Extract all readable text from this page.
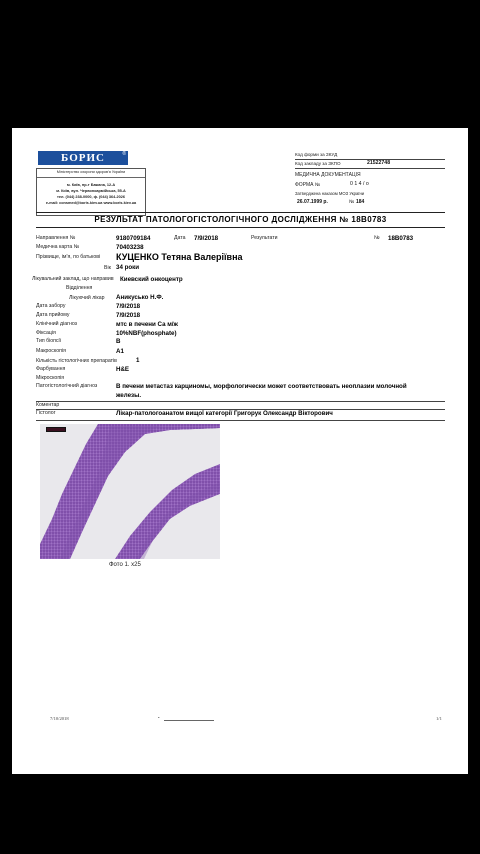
БОРИС	®
Міністерство охорони здоров'я України
м. Київ, пр-т Бажана, 12-А
м. Київ, вул. Червоноармійська, 55-А
тел. (044) 238-0000, ф. (044) 364-2026
e-mail: consmed@boris.kiev.ua www.boris.kiev.ua
Код форми за ЗКУД
Код закладу за ЗКПО	21522748
МЕДИЧНА ДОКУМЕНТАЦІЯ
ФОРМА №	0 1 4 / о
Затверджена наказом МОЗ України
26.07.1999 р.	№ 184
РЕЗУЛЬТАТ ПАТОЛОГОГІСТОЛОГІЧНОГО ДОСЛІДЖЕННЯ № 18В0783
Направлення №	9180709184	Дата 7/9/2018	Результати	№ 18В0783
Медична карта №	70403238
Прізвище, ім'я, по батькові КУЦЕНКО Тетяна Валеріївна
Вік 34 роки
Лікувальний заклад, що направив Киевский онкоцентр
Відділення
Лікуючий лікар Аникусько Н.Ф.
Дата забору	7/9/2018
Дата прийому	7/9/2018
Клінічний діагноз	мтс в печени Са м/ж
Фіксація	10%NBF(phosphate)
Тип біопсії	В
Макроскопія	А1
Кількість гістологічних препаратів	1
Фарбування	Н&Е
Мікроскопія
Патогістологічний діагноз	В печени метастаз карциномы, морфологически может соответствовать неоплазии молочной
железы.
Коментар
Гістолог	Лікар-патологоанатом вищої категорії Григорук Олександр Вікторович
Фото 1. x25
7/10/2018	•	1/1
